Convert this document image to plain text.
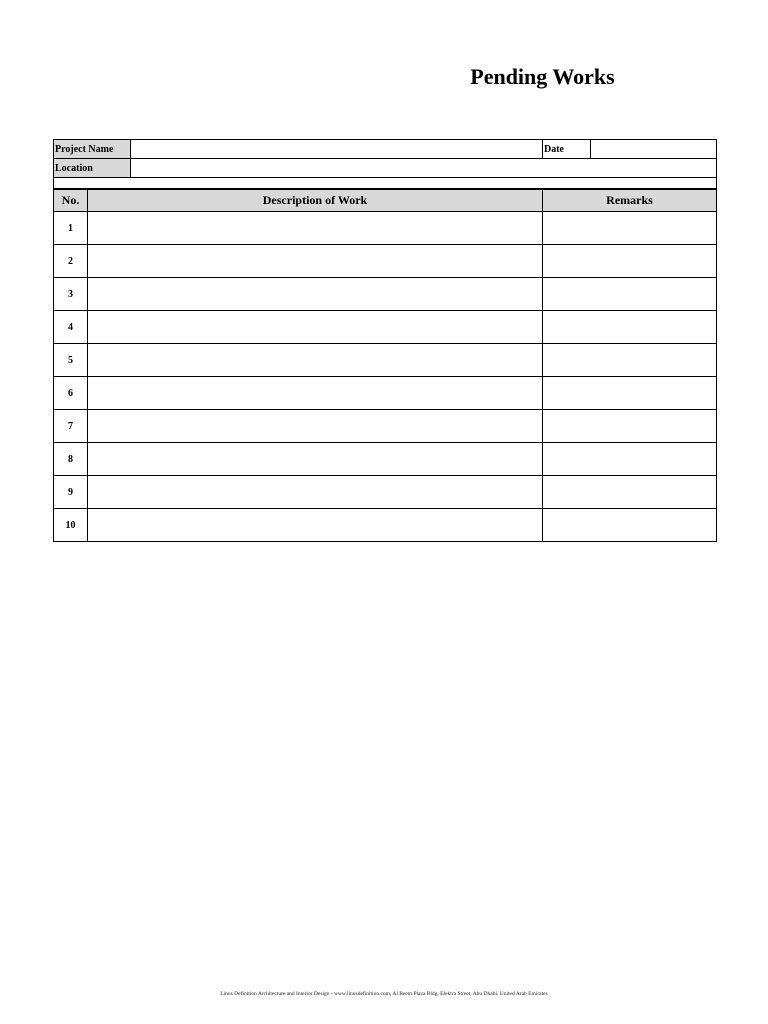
Pending Works
Project Name		Date	
Location			

No.	Description of Work	Remarks
1		
2		
3		
4		
5		
6		
7		
8		
9		
10		
Linus Definition Architecture and Interior Design - www.linusdefinition.com, Al Reem Plaza Bldg, Elektra Street, Abu Dhabi, United Arab Emirates
